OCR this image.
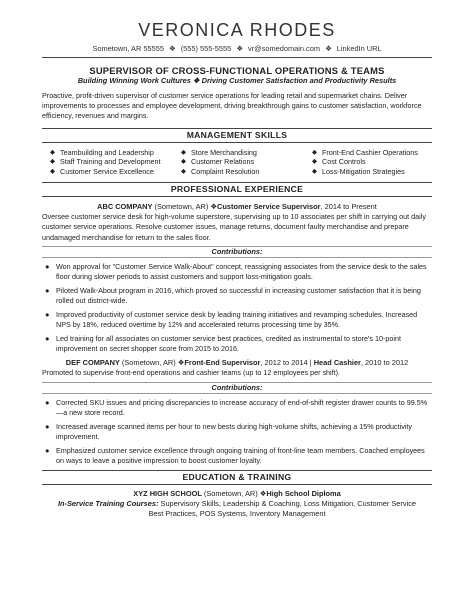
VERONICA RHODES
Sometown, AR 55555 ❖ (555) 555-5555 ❖ vr@somedomain.com ❖ LinkedIn URL
SUPERVISOR OF CROSS-FUNCTIONAL OPERATIONS & TEAMS
Building Winning Work Cultures ❖ Driving Customer Satisfaction and Productivity Results
Proactive, profit-driven supervisor of customer service operations for leading retail and supermarket chains. Deliver improvements to processes and employee development, driving breakthrough gains to customer satisfaction, workforce efficiency, revenues and margins.
MANAGEMENT SKILLS
◆ Teambuilding and Leadership	◆ Store Merchandising	◆ Front-End Cashier Operations
◆ Staff Training and Development	◆ Customer Relations	◆ Cost Controls
◆ Customer Service Excellence	◆ Complaint Resolution	◆ Loss-Mitigation Strategies
PROFESSIONAL EXPERIENCE
ABC COMPANY (Sometown, AR) ❖Customer Service Supervisor, 2014 to Present
Oversee customer service desk for high-volume superstore, supervising up to 10 associates per shift in carrying out daily customer service operations. Resolve customer issues, manage returns, document faulty merchandise and prepare undamaged merchandise for return to the sales floor.
Contributions:
● Won approval for "Customer Service Walk-About" concept, reassigning associates from the service desk to the sales floor during slower periods to assist customers and support loss-mitigation goals.
● Piloted Walk-About program in 2016, which proved so successful in increasing customer satisfaction that it is being rolled out district-wide.
● Improved productivity of customer service desk by leading training initiatives and revamping schedules. Increased NPS by 18%, reduced overtime by 12% and accelerated returns processing time by 35%.
● Led training for all associates on customer service best practices, credited as instrumental to store's 10-point improvement on secret shopper score from 2015 to 2016.
DEF COMPANY (Sometown, AR) ❖Front-End Supervisor, 2012 to 2014 | Head Cashier, 2010 to 2012
Promoted to supervise front-end operations and cashier teams (up to 12 employees per shift).
Contributions:
● Corrected SKU issues and pricing discrepancies to increase accuracy of end-of-shift register drawer counts to 99.5%—a new store record.
● Increased average scanned items per hour to new bests during high-volume shifts, achieving a 15% productivity improvement.
● Emphasized customer service excellence through ongoing training of front-line team members. Coached employees on ways to leave a positive impression to boost customer loyalty.
EDUCATION & TRAINING
XYZ HIGH SCHOOL (Sometown, AR) ❖High School Diploma
In-Service Training Courses: Supervisory Skills, Leadership & Coaching, Loss Mitigation, Customer Service
Best Practices, POS Systems, Inventory Management
